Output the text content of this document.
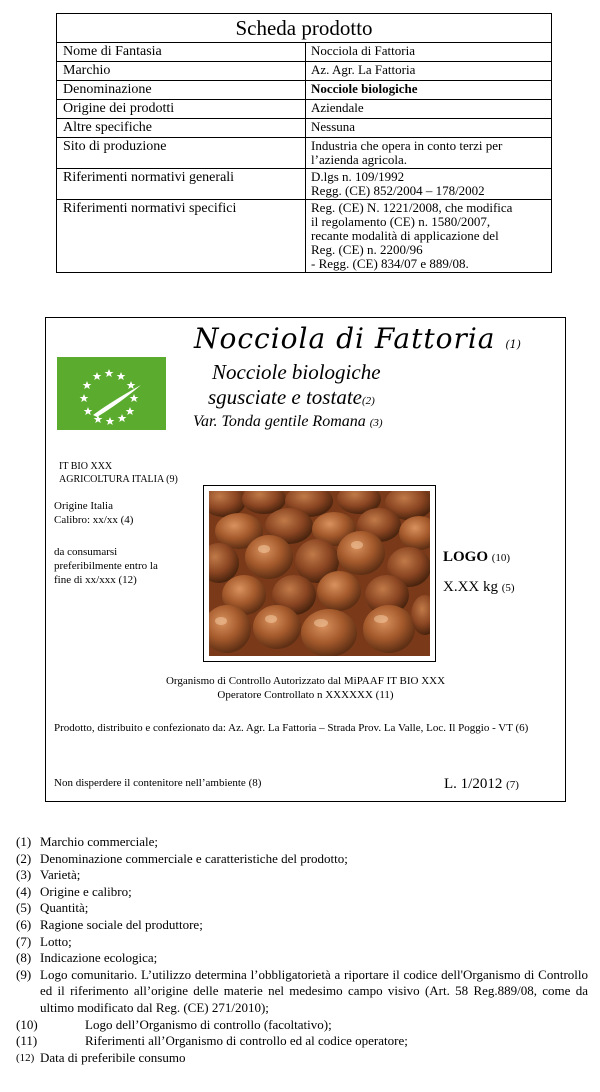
Scheda prodotto	
Nome di Fantasia	Nocciola di Fattoria
Marchio	Az. Agr. La Fattoria
Denominazione	Nocciole biologiche
Origine dei prodotti	Aziendale
Altre specifiche	Nessuna
Sito di produzione	Industria che opera in conto terzi per
l’azienda agricola.

Riferimenti normativi generali	D.lgs n. 109/1992
Regg. (CE) 852/2004 – 178/2002

Riferimenti normativi specifici	Reg. (CE) N. 1221/2008, che modifica
il regolamento (CE) n. 1580/2007,
recante modalità di applicazione del
Reg. (CE) n. 2200/96
- Regg. (CE) 834/07 e 889/08.
Nocciola di Fattoria (1)
Nocciole biologiche
sgusciate e tostate(2)
Var. Tonda gentile Romana (3)
IT BIO XXX
AGRICOLTURA ITALIA (9)
Origine Italia
Calibro: xx/xx (4)
da consumarsi
preferibilmente entro la
fine di xx/xxx (12)
LOGO (10)
X.XX kg (5)
Organismo di Controllo Autorizzato dal MiPAAF IT BIO XXX
Operatore Controllato n XXXXXX (11)
Prodotto, distribuito e confezionato da: Az. Agr. La Fattoria – Strada Prov. La Valle, Loc. Il Poggio - VT (6)
Non disperdere il contenitore nell’ambiente (8)	L. 1/2012 (7)
(1) Marchio commerciale;
(2) Denominazione commerciale e caratteristiche del prodotto;
(3) Varietà;
(4) Origine e calibro;
(5) Quantità;
(6) Ragione sociale del produttore;
(7) Lotto;
(8) Indicazione ecologica;
(9) Logo comunitario. L’utilizzo determina l’obbligatorietà a riportare il codice dell'Organismo di Controllo ed il riferimento all’origine delle materie nel medesimo campo visivo (Art. 58 Reg.889/08, come da ultimo modificato dal Reg. (CE) 271/2010);
(10)	Logo dell’Organismo di controllo (facoltativo);
(11)	Riferimenti all’Organismo di controllo ed al codice operatore;
(12) Data di preferibile consumo
